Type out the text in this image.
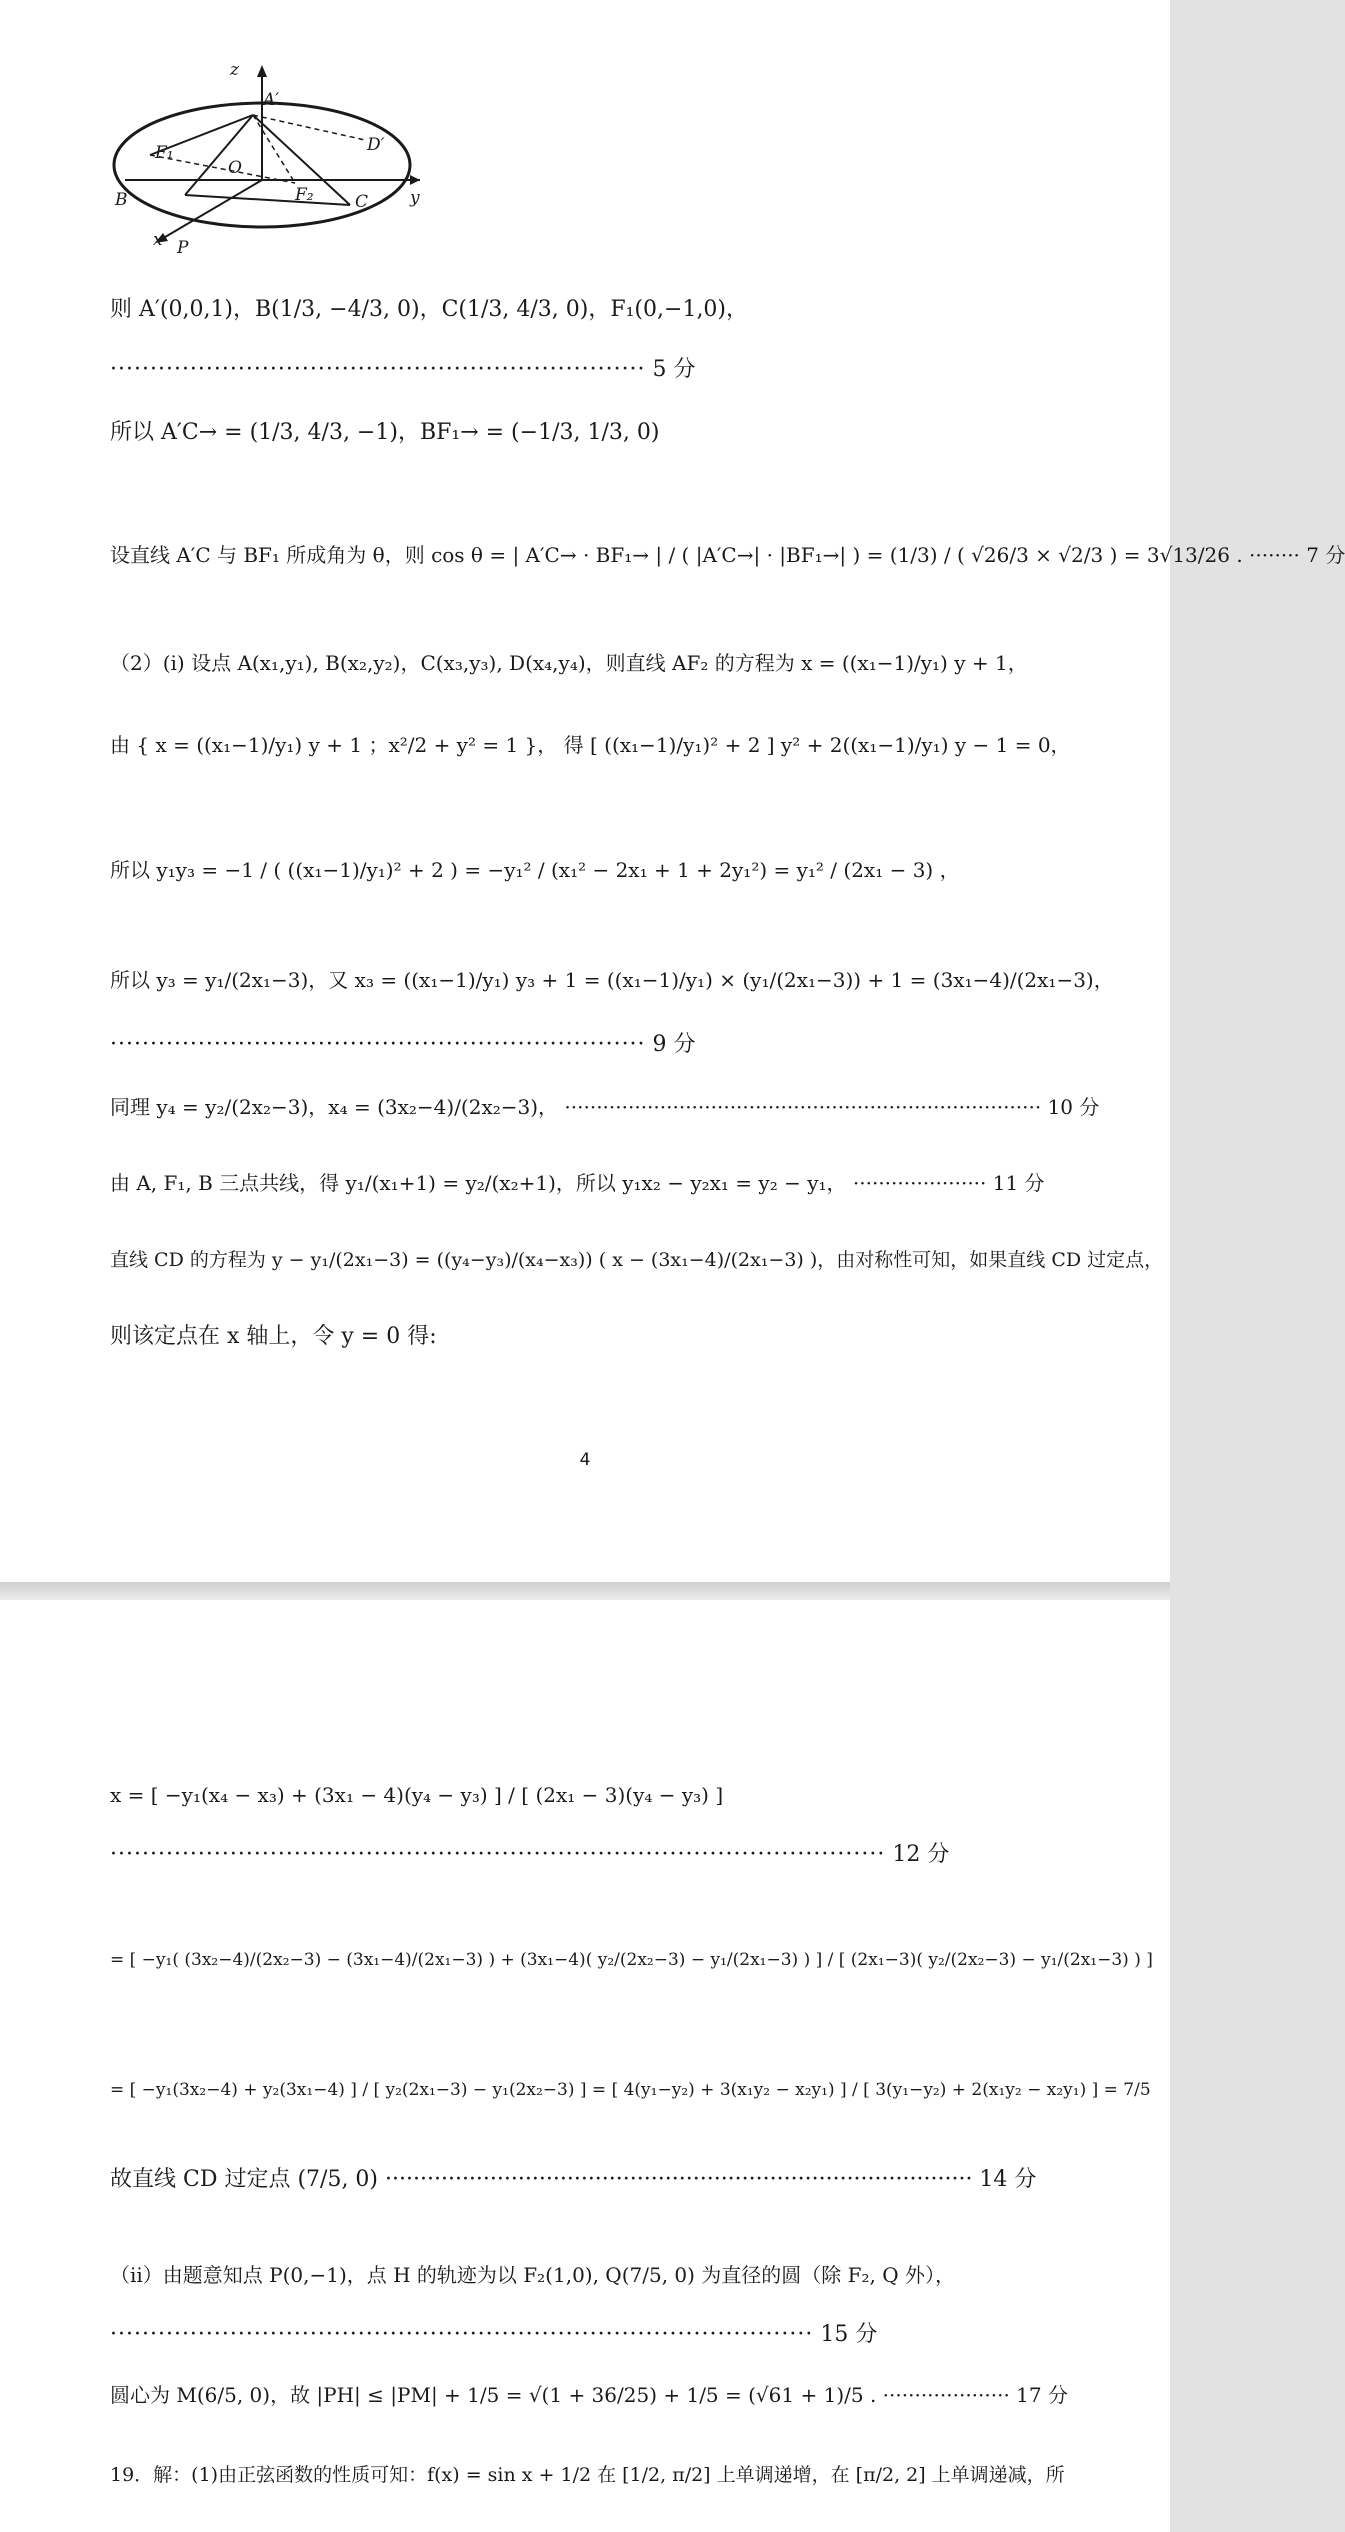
z
A′
D′
F₁
O
B	F₂ C y
x P
则 A′(0,0,1)，B(1/3, −4/3, 0)，C(1/3, 4/3, 0)，F₁(0,−1,0)，
··································································· 5 分
所以 A′C→ = (1/3, 4/3, −1)，BF₁→ = (−1/3, 1/3, 0)
设直线 A′C 与 BF₁ 所成角为 θ，则 cos θ = | A′C→ · BF₁→ | / ( |A′C→| · |BF₁→| ) = (1/3) / ( √26/3 × √2/3 ) = 3√13/26 . ········ 7 分
（2）(i) 设点 A(x₁,y₁), B(x₂,y₂)，C(x₃,y₃), D(x₄,y₄)，则直线 AF₂ 的方程为 x = ((x₁−1)/y₁) y + 1，
由 { x = ((x₁−1)/y₁) y + 1 ；x²/2 + y² = 1 }， 得 [ ((x₁−1)/y₁)² + 2 ] y² + 2((x₁−1)/y₁) y − 1 = 0，
所以 y₁y₃ = −1 / ( ((x₁−1)/y₁)² + 2 ) = −y₁² / (x₁² − 2x₁ + 1 + 2y₁²) = y₁² / (2x₁ − 3) ，
所以 y₃ = y₁/(2x₁−3)，又 x₃ = ((x₁−1)/y₁) y₃ + 1 = ((x₁−1)/y₁) × (y₁/(2x₁−3)) + 1 = (3x₁−4)/(2x₁−3)，
··································································· 9 分
同理 y₄ = y₂/(2x₂−3)，x₄ = (3x₂−4)/(2x₂−3)， ··········································································· 10 分
由 A, F₁, B 三点共线，得 y₁/(x₁+1) = y₂/(x₂+1)，所以 y₁x₂ − y₂x₁ = y₂ − y₁， ····················· 11 分
直线 CD 的方程为 y − y₁/(2x₁−3) = ((y₄−y₃)/(x₄−x₃)) ( x − (3x₁−4)/(2x₁−3) )，由对称性可知，如果直线 CD 过定点，
则该定点在 x 轴上，令 y = 0 得:
4
x = [ −y₁(x₄ − x₃) + (3x₁ − 4)(y₄ − y₃) ] / [ (2x₁ − 3)(y₄ − y₃) ]
································································································· 12 分
= [ −y₁( (3x₂−4)/(2x₂−3) − (3x₁−4)/(2x₁−3) ) + (3x₁−4)( y₂/(2x₂−3) − y₁/(2x₁−3) ) ] / [ (2x₁−3)( y₂/(2x₂−3) − y₁/(2x₁−3) ) ]
= [ −y₁(3x₂−4) + y₂(3x₁−4) ] / [ y₂(2x₁−3) − y₁(2x₂−3) ] = [ 4(y₁−y₂) + 3(x₁y₂ − x₂y₁) ] / [ 3(y₁−y₂) + 2(x₁y₂ − x₂y₁) ] = 7/5
故直线 CD 过定点 (7/5, 0) ···················································································· 14 分
（ii）由题意知点 P(0,−1)，点 H 的轨迹为以 F₂(1,0), Q(7/5, 0) 为直径的圆（除 F₂, Q 外），
························································································ 15 分
圆心为 M(6/5, 0)，故 |PH| ≤ |PM| + 1/5 = √(1 + 36/25) + 1/5 = (√61 + 1)/5 . ···················· 17 分
19．解：(1)由正弦函数的性质可知：f(x) = sin x + 1/2 在 [1/2, π/2] 上单调递增，在 [π/2, 2] 上单调递减，所
